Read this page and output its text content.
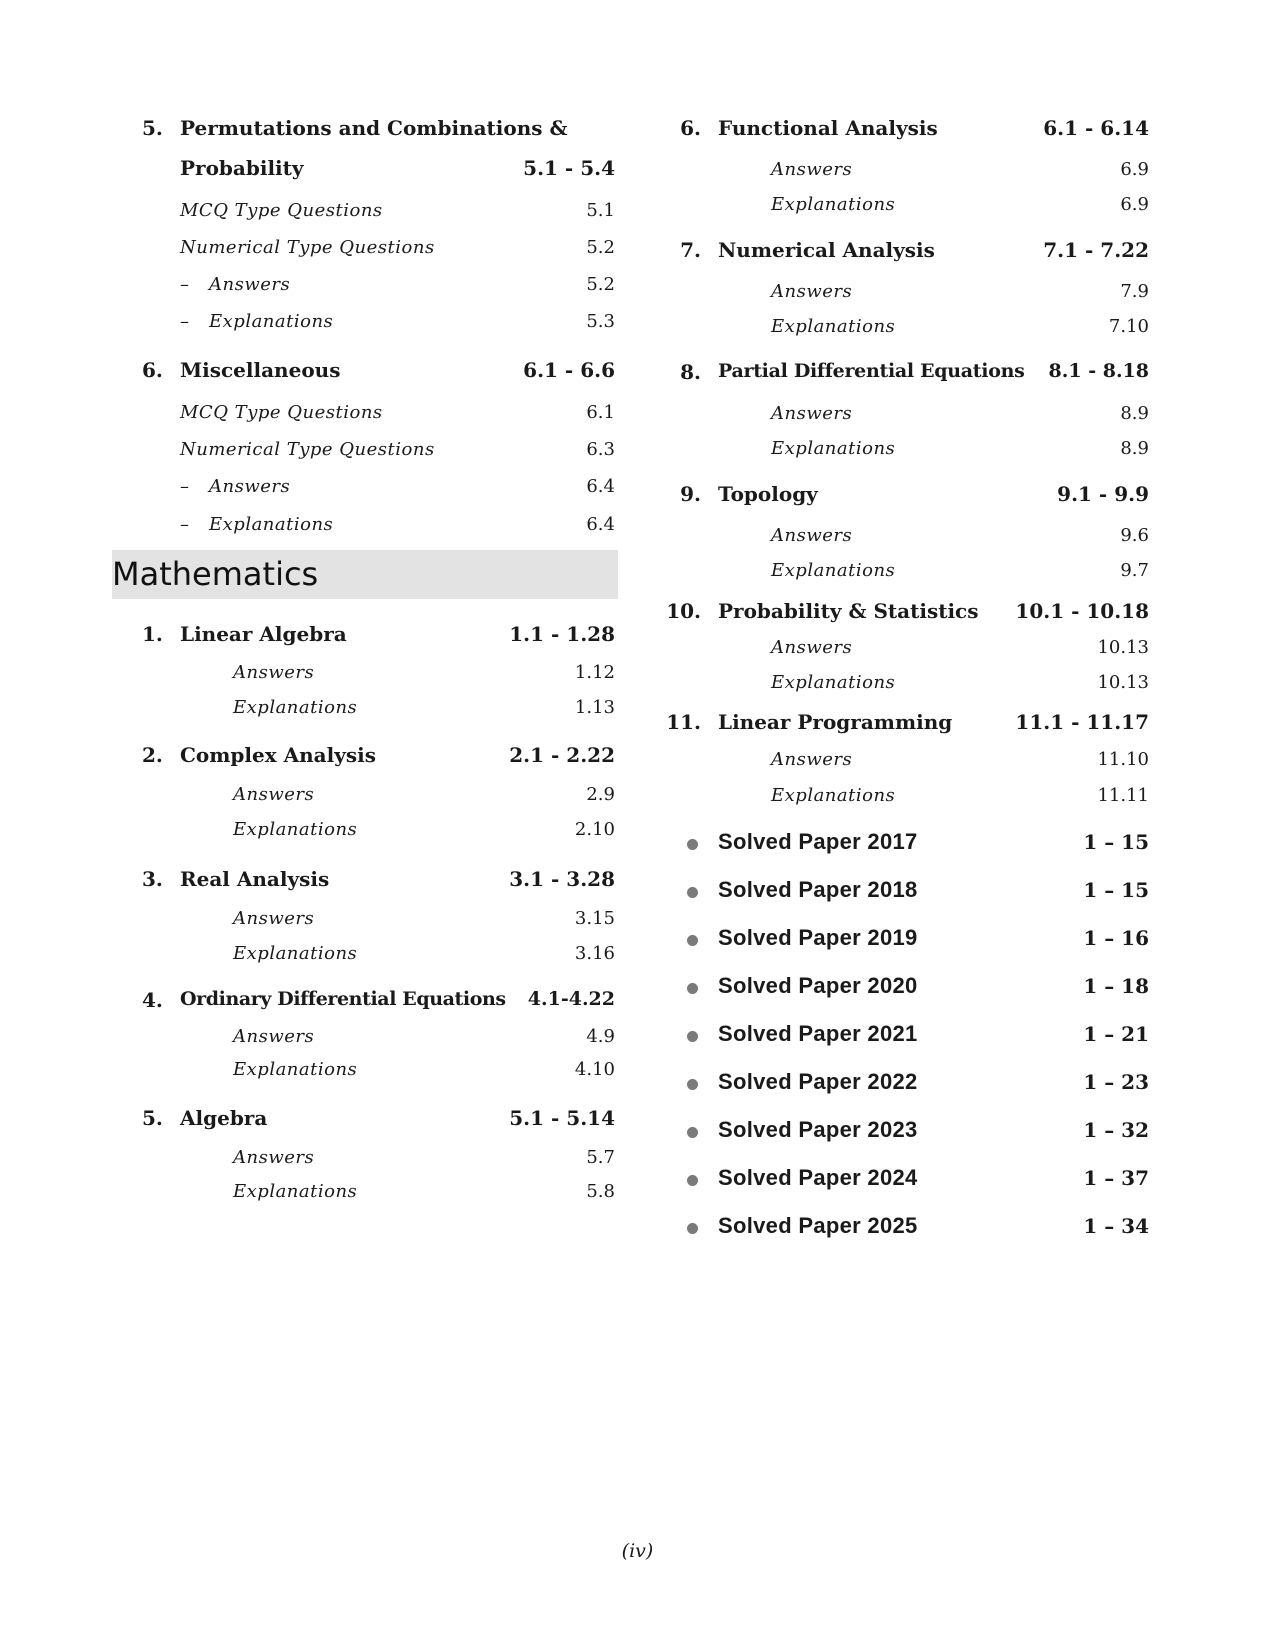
5. Permutations and Combinations &
Probability	5.1 - 5.4
MCQ Type Questions	5.1
Numerical Type Questions	5.2
– Answers	5.2
– Explanations	5.3
6. Miscellaneous	6.1 - 6.6
MCQ Type Questions	6.1
Numerical Type Questions	6.3
– Answers	6.4
– Explanations	6.4
Mathematics
1. Linear Algebra	1.1 - 1.28
Answers	1.12
Explanations	1.13
2. Complex Analysis	2.1 - 2.22
Answers	2.9
Explanations	2.10
3. Real Analysis	3.1 - 3.28
Answers	3.15
Explanations	3.16
4. Ordinary Differential Equations 4.1-4.22
Answers	4.9
Explanations	4.10
5. Algebra	5.1 - 5.14
Answers	5.7
Explanations	5.8
6. Functional Analysis	6.1 - 6.14
Answers	6.9
Explanations	6.9
7. Numerical Analysis	7.1 - 7.22
Answers	7.9
Explanations	7.10
8. Partial Differential Equations 8.1 - 8.18
Answers	8.9
Explanations	8.9
9. Topology	9.1 - 9.9
Answers	9.6
Explanations	9.7
10. Probability & Statistics 10.1 - 10.18
Answers	10.13
Explanations	10.13
11. Linear Programming	11.1 - 11.17
Answers	11.10
Explanations	11.11
Solved Paper 2017	1 – 15
Solved Paper 2018	1 – 15
Solved Paper 2019	1 – 16
Solved Paper 2020	1 – 18
Solved Paper 2021	1 – 21
Solved Paper 2022	1 – 23
Solved Paper 2023	1 – 32
Solved Paper 2024	1 – 37
Solved Paper 2025	1 – 34
(iv)
